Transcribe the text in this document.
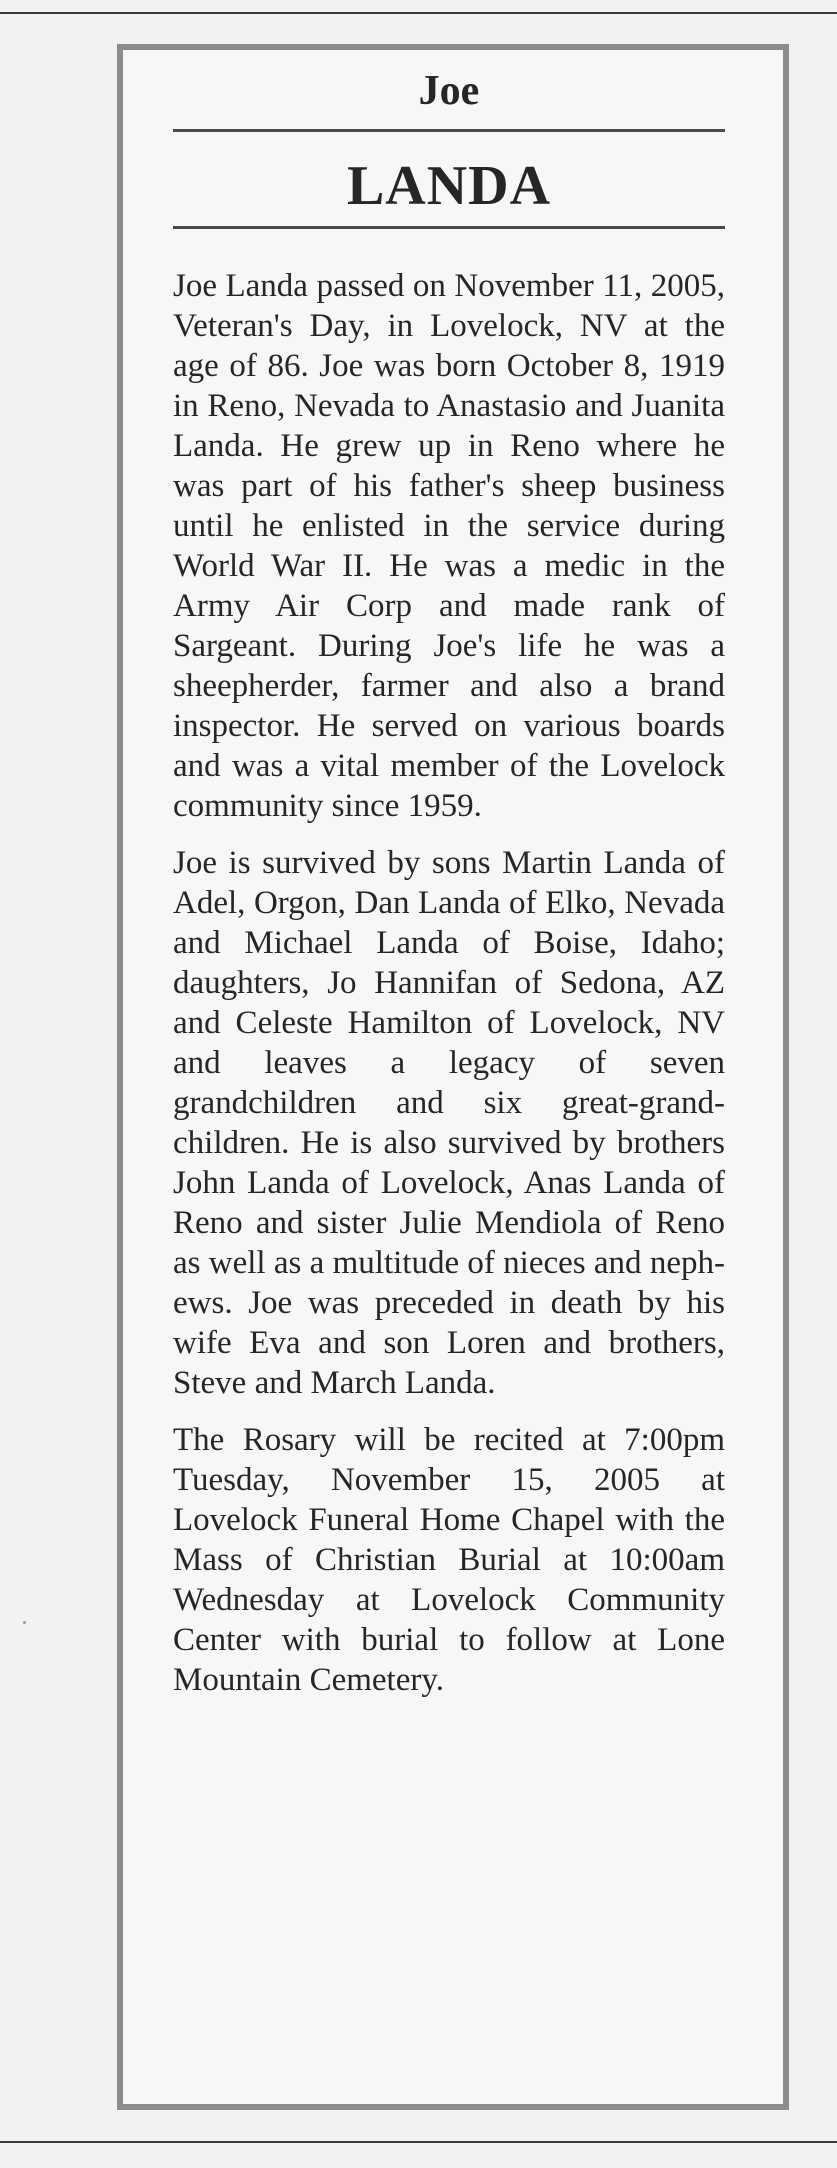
Joe
LANDA

Joe Landa passed on November 11, 2005, Veteran's Day, in Lovelock, NV at the age of 86. Joe was born October 8, 1919 in Reno, Nevada to Anastasio and Juanita Landa. He grew up in Reno where he was part of his father's sheep business until he enlisted in the service during World War II. He was a medic in the Army Air Corp and made rank of Sargeant. During Joe's life he was a sheepherder, farmer and also a brand inspector. He served on various boards and was a vital member of the Lovelock community since 1959.

Joe is survived by sons Martin Landa of Adel, Orgon, Dan Landa of Elko, Nevada and Michael Landa of Boise, Idaho; daughters, Jo Hannifan of Sedona, AZ and Celeste Hamilton of Lovelock, NV and leaves a legacy of seven grandchildren and six great-grandchildren. He is also survived by brothers John Landa of Lovelock, Anas Landa of Reno and sister Julie Mendiola of Reno as well as a multitude of nieces and nephews. Joe was preceded in death by his wife Eva and son Loren and brothers, Steve and March Landa.

The Rosary will be recited at 7:00pm Tuesday, November 15, 2005 at Lovelock Funeral Home Chapel with the Mass of Christian Burial at 10:00am Wednesday at Lovelock Community Center with burial to follow at Lone Mountain Cemetery.
